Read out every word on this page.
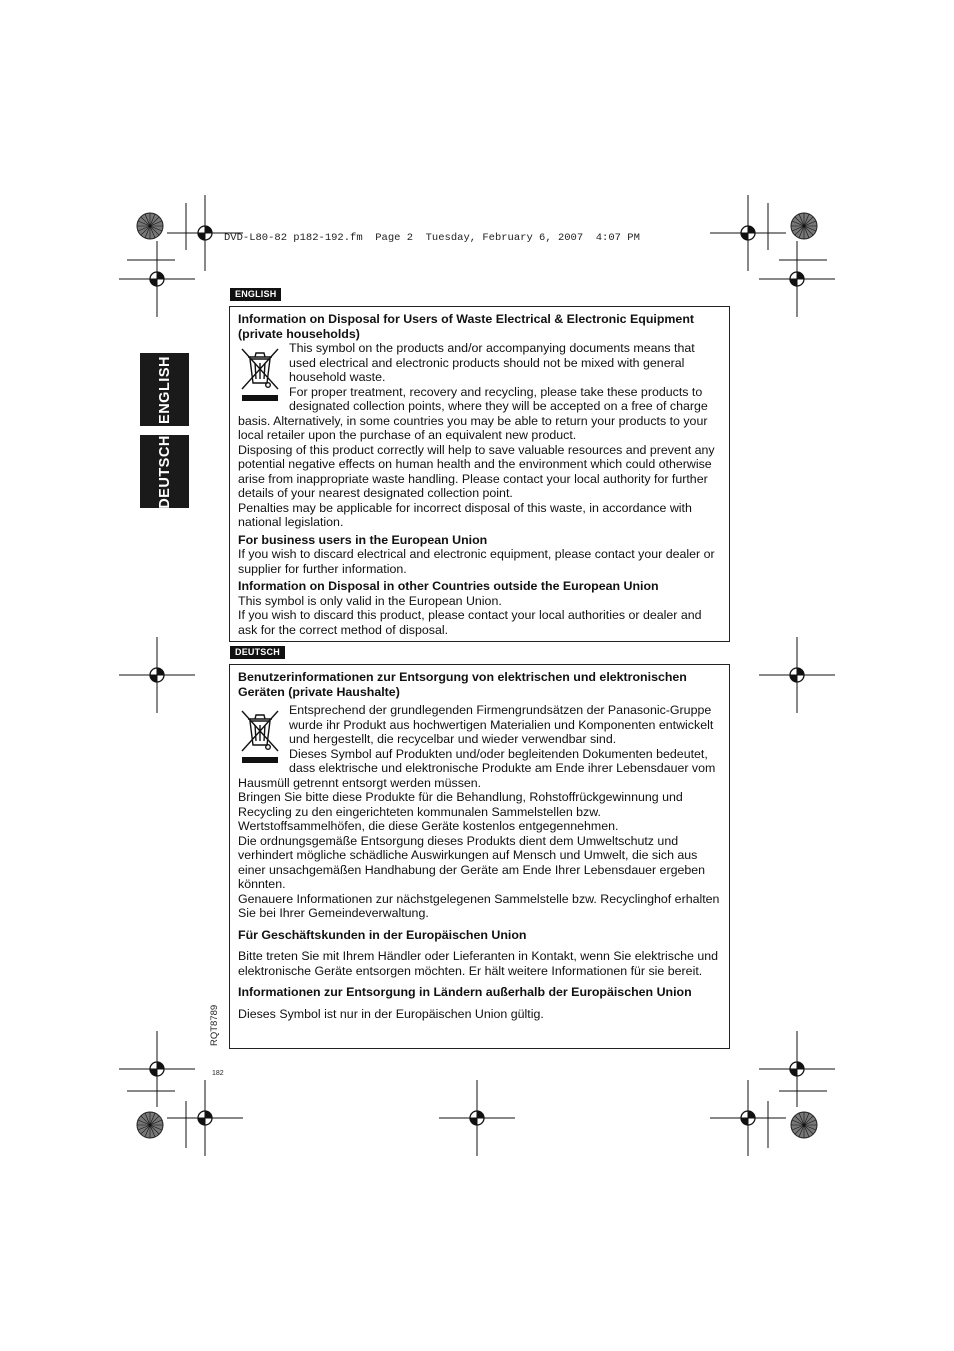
DVD-L80-82 p182-192.fm  Page 2  Tuesday, February 6, 2007  4:07 PM
ENGLISH
DEUTSCH
ENGLISH

Information on Disposal for Users of Waste Electrical & Electronic Equipment (private households)

This symbol on the products and/or accompanying documents means that used electrical and electronic products should not be mixed with general household waste.

For proper treatment, recovery and recycling, please take these products to designated collection points, where they will be accepted on a free of charge basis. Alternatively, in some countries you may be able to return your products to your local retailer upon the purchase of an equivalent new product.

Disposing of this product correctly will help to save valuable resources and prevent any potential negative effects on human health and the environment which could otherwise arise from inappropriate waste handling. Please contact your local authority for further details of your nearest designated collection point.

Penalties may be applicable for incorrect disposal of this waste, in accordance with national legislation.

For business users in the European Union

If you wish to discard electrical and electronic equipment, please contact your dealer or supplier for further information.

Information on Disposal in other Countries outside the European Union

This symbol is only valid in the European Union.

If you wish to discard this product, please contact your local authorities or dealer and ask for the correct method of disposal.

DEUTSCH

Benutzerinformationen zur Entsorgung von elektrischen und elektronischen Geräten (private Haushalte)

Entsprechend der grundlegenden Firmengrundsätzen der Panasonic-Gruppe wurde ihr Produkt aus hochwertigen Materialien und Komponenten entwickelt und hergestellt, die recycelbar und wieder verwendbar sind.

Dieses Symbol auf Produkten und/oder begleitenden Dokumenten bedeutet, dass elektrische und elektronische Produkte am Ende ihrer Lebensdauer vom Hausmüll getrennt entsorgt werden müssen.

Bringen Sie bitte diese Produkte für die Behandlung, Rohstoffrückgewinnung und Recycling zu den eingerichteten kommunalen Sammelstellen bzw. Wertstoffsammelhöfen, die diese Geräte kostenlos entgegennehmen.

Die ordnungsgemäße Entsorgung dieses Produkts dient dem Umweltschutz und verhindert mögliche schädliche Auswirkungen auf Mensch und Umwelt, die sich aus einer unsachgemäßen Handhabung der Geräte am Ende Ihrer Lebensdauer ergeben könnten.

Genauere Informationen zur nächstgelegenen Sammelstelle bzw. Recyclinghof erhalten Sie bei Ihrer Gemeindeverwaltung.

Für Geschäftskunden in der Europäischen Union

Bitte treten Sie mit Ihrem Händler oder Lieferanten in Kontakt, wenn Sie elektrische und elektronische Geräte entsorgen möchten. Er hält weitere Informationen für sie bereit.

Informationen zur Entsorgung in Ländern außerhalb der Europäischen Union

Dieses Symbol ist nur in der Europäischen Union gültig.

RQT8789
182
